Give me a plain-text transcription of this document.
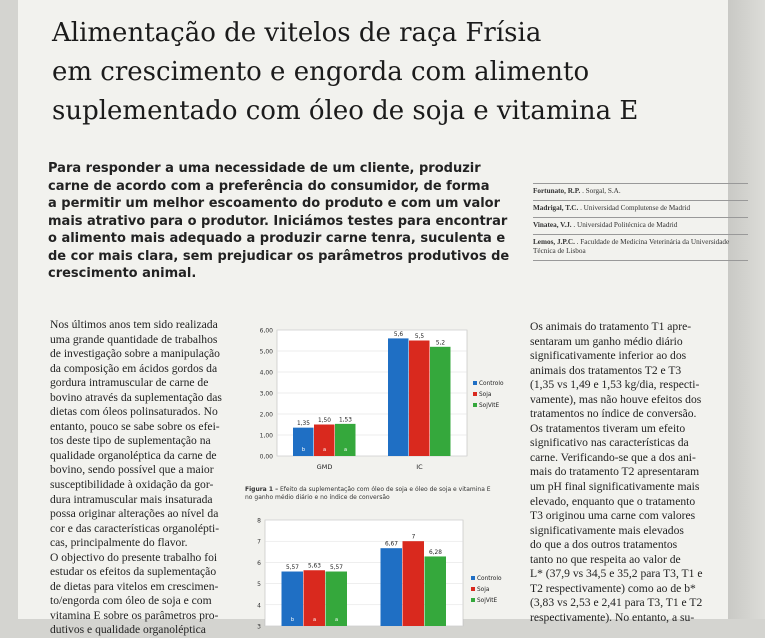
Alimentação de vitelos de raça Frísia
em crescimento e engorda com alimento
suplementado com óleo de soja e vitamina E
Para responder a uma necessidade de um cliente, produzir
carne de acordo com a preferência do consumidor, de forma
a permitir um melhor escoamento do produto e com um valor
mais atrativo para o produtor. Iniciámos testes para encontrar
o alimento mais adequado a produzir carne tenra, suculenta e
de cor mais clara, sem prejudicar os parâmetros produtivos de
crescimento animal.
Fortunato, R.P. . Sorgal, S.A.
Madrigal, T.C. . Universidad Complutense de Madrid
Vinatea, V.J. . Universidad Politécnica de Madrid
Lemos, J.P.C. . Faculdade de Medicina Veterinária da Universidade Técnica de Lisboa
Nos últimos anos tem sido realizada
uma grande quantidade de trabalhos
de investigação sobre a manipulação
da composição em ácidos gordos da
gordura intramuscular de carne de
bovino através da suplementação das
dietas com óleos polinsaturados. No
entanto, pouco se sabe sobre os efei-
tos deste tipo de suplementação na
qualidade organoléptica da carne de
bovino, sendo possível que a maior
susceptibilidade à oxidação da gor-
dura intramuscular mais insaturada
possa originar alterações ao nível da
cor e das características organolépti-
cas, principalmente do flavor.
O objectivo do presente trabalho foi
estudar os efeitos da suplementação
de dietas para vitelos em crescimen-
to/engorda com óleo de soja e com
vitamina E sobre os parâmetros pro-
dutivos e qualidade organoléptica
Os animais do tratamento T1 apre-
sentaram um ganho médio diário
significativamente inferior ao dos
animais dos tratamentos T2 e T3
(1,35 vs 1,49 e 1,53 kg/dia, respecti-
vamente), mas não houve efeitos dos
tratamentos no índice de conversão.
Os tratamentos tiveram um efeito
significativo nas características da
carne. Verificando-se que a dos ani-
mais do tratamento T2 apresentaram
um pH final significativamente mais
elevado, enquanto que o tratamento
T3 originou uma carne com valores
significativamente mais elevados
do que a dos outros tratamentos
tanto no que respeita ao valor de
L* (37,9 vs 34,5 e 35,2 para T3, T1 e
T2 respectivamente) como ao de b*
(3,83 vs 2,53 e 2,41 para T3, T1 e T2
respectivamente). No entanto, a su-
0,00
1,00
2,00
3,00
4,00
5,00
6,00
GMD
1,35
b
1,50
a
1,53
a
IC
5,6 5,5
5,2
Controlo
Soja
SojVitE
Figura 1 – Efeito da suplementação com óleo de soja e óleo de soja e vitamina E
no ganho médio diário e no índice de conversão
3
4
5
6
7
8
5,57
b
5,63
a
5,57
a
6,67
7
6,28
Controlo
Soja
SojVitE
